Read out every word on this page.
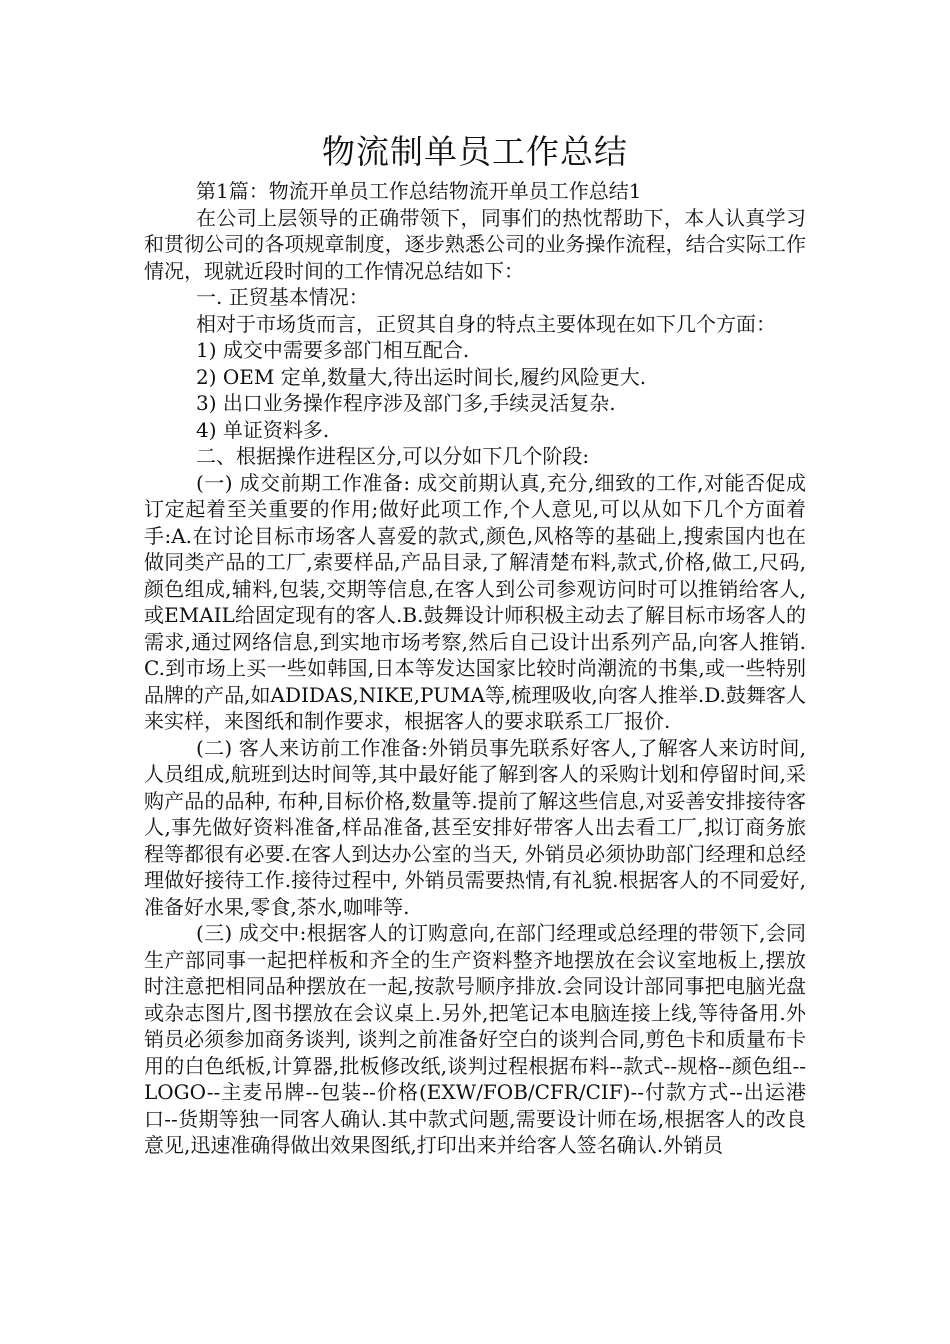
物流制单员工作总结

第1篇：物流开单员工作总结物流开单员工作总结1

在公司上层领导的正确带领下，同事们的热忱帮助下，本人认真学习和贯彻公司的各项规章制度，逐步熟悉公司的业务操作流程，结合实际工作情况，现就近段时间的工作情况总结如下：

一. 正贸基本情况：

相对于市场货而言，正贸其自身的特点主要体现在如下几个方面：

1) 成交中需要多部门相互配合.

2) OEM 定单,数量大,待出运时间长,履约风险更大.

3) 出口业务操作程序涉及部门多,手续灵活复杂.

4) 单证资料多.

二、根据操作进程区分,可以分如下几个阶段:

(一) 成交前期工作准备: 成交前期认真,充分,细致的工作,对能否促成订定起着至关重要的作用;做好此项工作,个人意见,可以从如下几个方面着手:A.在讨论目标市场客人喜爱的款式,颜色,风格等的基础上,搜索国内也在做同类产品的工厂,索要样品,产品目录,了解清楚布料,款式,价格,做工,尺码,颜色组成,辅料,包装,交期等信息,在客人到公司参观访问时可以推销给客人,或EMAIL给固定现有的客人.B.鼓舞设计师积极主动去了解目标市场客人的需求,通过网络信息,到实地市场考察,然后自己设计出系列产品,向客人推销.C.到市场上买一些如韩国,日本等发达国家比较时尚潮流的书集,或一些特别品牌的产品,如ADIDAS,NIKE,PUMA等,梳理吸收,向客人推举.D.鼓舞客人来实样，来图纸和制作要求，根据客人的要求联系工厂报价.

(二) 客人来访前工作准备:外销员事先联系好客人,了解客人来访时间,人员组成,航班到达时间等,其中最好能了解到客人的采购计划和停留时间,采购产品的品种, 布种,目标价格,数量等.提前了解这些信息,对妥善安排接待客人,事先做好资料准备,样品准备,甚至安排好带客人出去看工厂,拟订商务旅程等都很有必要.在客人到达办公室的当天, 外销员必须协助部门经理和总经理做好接待工作.接待过程中, 外销员需要热情,有礼貌.根据客人的不同爱好,准备好水果,零食,茶水,咖啡等.

(三) 成交中:根据客人的订购意向,在部门经理或总经理的带领下,会同生产部同事一起把样板和齐全的生产资料整齐地摆放在会议室地板上,摆放时注意把相同品种摆放在一起,按款号顺序排放.会同设计部同事把电脑光盘或杂志图片,图书摆放在会议桌上.另外,把笔记本电脑连接上线,等待备用.外销员必须参加商务谈判, 谈判之前准备好空白的谈判合同,剪色卡和质量布卡用的白色纸板,计算器,批板修改纸,谈判过程根据布料--款式--规格--颜色组--LOGO--主麦吊牌--包装--价格(EXW/FOB/CFR/CIF)--付款方式--出运港口--货期等独一同客人确认.其中款式问题,需要设计师在场,根据客人的改良意见,迅速准确得做出效果图纸,打印出来并给客人签名确认.外销员
